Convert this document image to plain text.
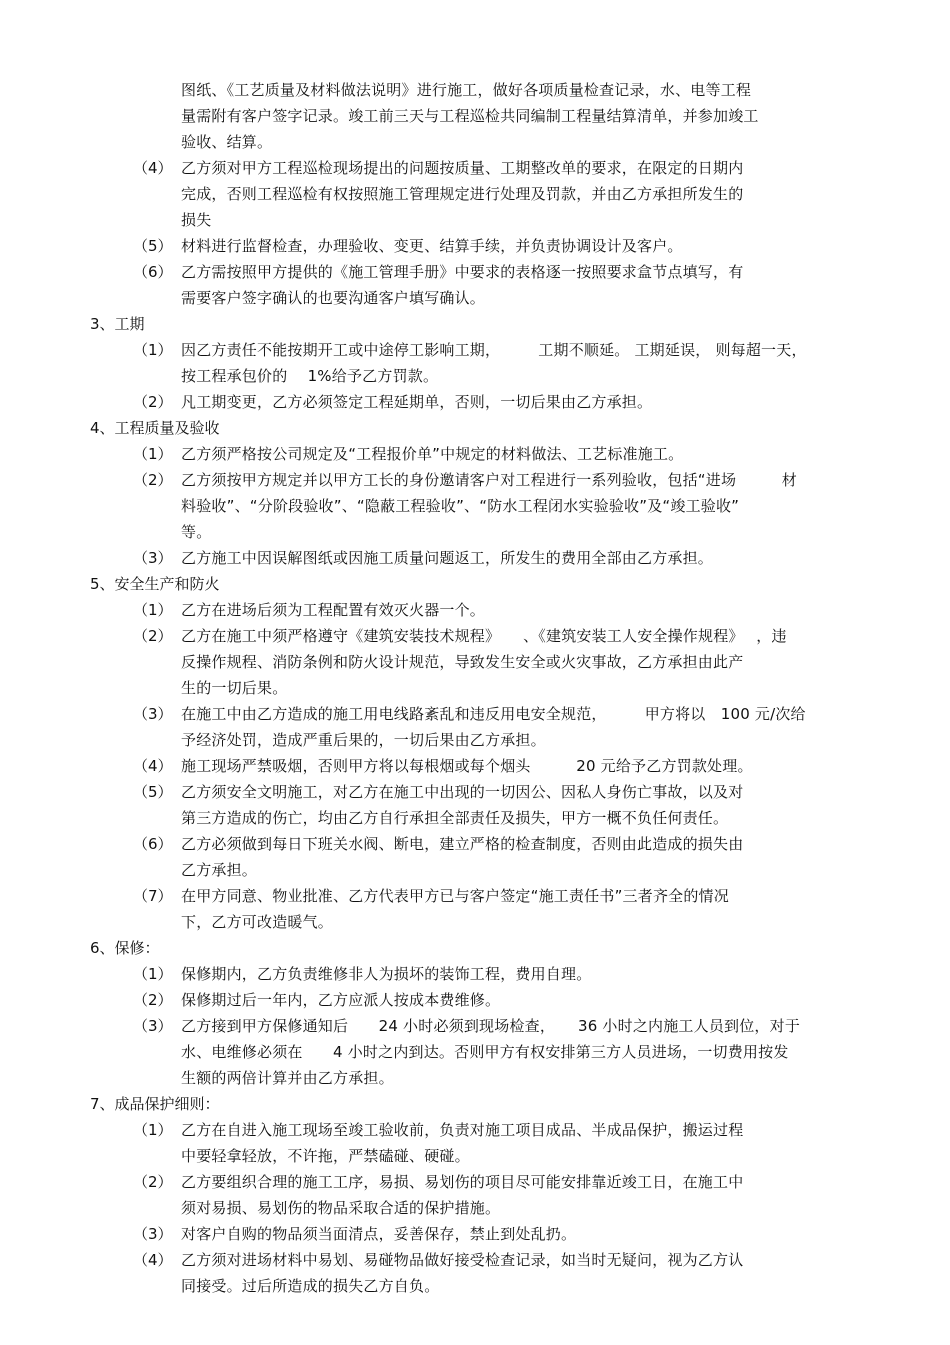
图纸、《工艺质量及材料做法说明》进行施工，做好各项质量检查记录，水、电等工程
量需附有客户签字记录。竣工前三天与工程巡检共同编制工程量结算清单，并参加竣工
验收、结算。
（4） 乙方须对甲方工程巡检现场提出的问题按质量、工期整改单的要求，在限定的日期内
完成，否则工程巡检有权按照施工管理规定进行处理及罚款，并由乙方承担所发生的
损失
（5） 材料进行监督检查，办理验收、变更、结算手续，并负责协调设计及客户。
（6） 乙方需按照甲方提供的《施工管理手册》中要求的表格逐一按照要求盒节点填写，有
需要客户签字确认的也要沟通客户填写确认。
3、工期
（1） 因乙方责任不能按期开工或中途停工影响工期，　　　工期不顺延。 工期延误， 则每超一天，
按工程承包价的　 1%给予乙方罚款。
（2） 凡工期变更，乙方必须签定工程延期单，否则，一切后果由乙方承担。
4、工程质量及验收
（1） 乙方须严格按公司规定及“工程报价单”中规定的材料做法、工艺标准施工。
（2） 乙方须按甲方规定并以甲方工长的身份邀请客户对工程进行一系列验收，包括“进场　　　材
料验收”、“分阶段验收”、“隐蔽工程验收”、“防水工程闭水实验验收”及“竣工验收”
等。
（3） 乙方施工中因误解图纸或因施工质量问题返工，所发生的费用全部由乙方承担。
5、安全生产和防火
（1） 乙方在进场后须为工程配置有效灭火器一个。
（2） 乙方在施工中须严格遵守《建筑安装技术规程》　　、《建筑安装工人安全操作规程》　 ，违
反操作规程、消防条例和防火设计规范，导致发生安全或火灾事故，乙方承担由此产
生的一切后果。
（3） 在施工中由乙方造成的施工用电线路紊乱和违反用电安全规范，　　　甲方将以　100 元/次给
予经济处罚，造成严重后果的，一切后果由乙方承担。
（4） 施工现场严禁吸烟，否则甲方将以每根烟或每个烟头　　　20 元给予乙方罚款处理。
（5） 乙方须安全文明施工，对乙方在施工中出现的一切因公、因私人身伤亡事故，以及对
第三方造成的伤亡，均由乙方自行承担全部责任及损失，甲方一概不负任何责任。
（6） 乙方必须做到每日下班关水阀、断电，建立严格的检查制度，否则由此造成的损失由
乙方承担。
（7） 在甲方同意、物业批准、乙方代表甲方已与客户签定“施工责任书”三者齐全的情况
下，乙方可改造暖气。
6、保修：
（1） 保修期内，乙方负责维修非人为损坏的装饰工程，费用自理。
（2） 保修期过后一年内，乙方应派人按成本费维修。
（3） 乙方接到甲方保修通知后　　24 小时必须到现场检查，　　36 小时之内施工人员到位，对于
水、电维修必须在　　4 小时之内到达。否则甲方有权安排第三方人员进场，一切费用按发
生额的两倍计算并由乙方承担。
7、成品保护细则：
（1） 乙方在自进入施工现场至竣工验收前，负责对施工项目成品、半成品保护，搬运过程
中要轻拿轻放，不许拖，严禁磕碰、硬碰。
（2） 乙方要组织合理的施工工序，易损、易划伤的项目尽可能安排靠近竣工日，在施工中
须对易损、易划伤的物品采取合适的保护措施。
（3） 对客户自购的物品须当面清点，妥善保存，禁止到处乱扔。
（4） 乙方须对进场材料中易划、易碰物品做好接受检查记录，如当时无疑问，视为乙方认
同接受。过后所造成的损失乙方自负。
